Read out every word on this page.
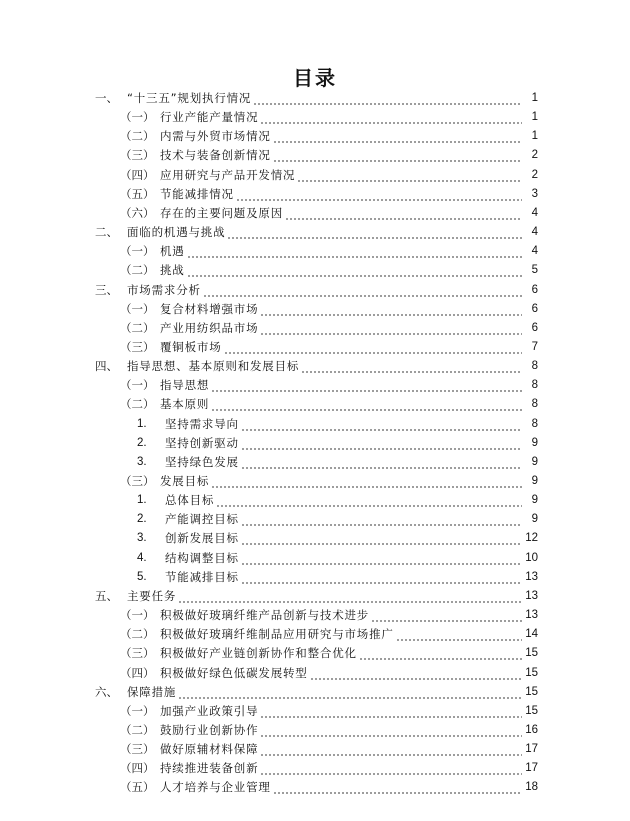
目录
一、 “十三五”规划执行情况	1
（一） 行业产能产量情况	1
（二） 内需与外贸市场情况	1
（三） 技术与装备创新情况	2
（四） 应用研究与产品开发情况	2
（五） 节能减排情况	3
（六） 存在的主要问题及原因	4
二、 面临的机遇与挑战	4
（一） 机遇	4
（二） 挑战	5
三、 市场需求分析	6
（一） 复合材料增强市场	6
（二） 产业用纺织品市场	6
（三） 覆铜板市场	7
四、 指导思想、基本原则和发展目标	8
（一） 指导思想	8
（二） 基本原则	8
1.	坚持需求导向	8
2.	坚持创新驱动	9
3.	坚持绿色发展	9
（三） 发展目标	9
1.	总体目标	9
2.	产能调控目标	9
3.	创新发展目标	12
4.	结构调整目标	10
5.	节能减排目标	13
五、 主要任务	13
（一） 积极做好玻璃纤维产品创新与技术进步	13
（二） 积极做好玻璃纤维制品应用研究与市场推广	14
（三） 积极做好产业链创新协作和整合优化	15
（四） 积极做好绿色低碳发展转型	15
六、 保障措施	15
（一） 加强产业政策引导	15
（二） 鼓励行业创新协作	16
（三） 做好原辅材料保障	17
（四） 持续推进装备创新	17
（五） 人才培养与企业管理	18
